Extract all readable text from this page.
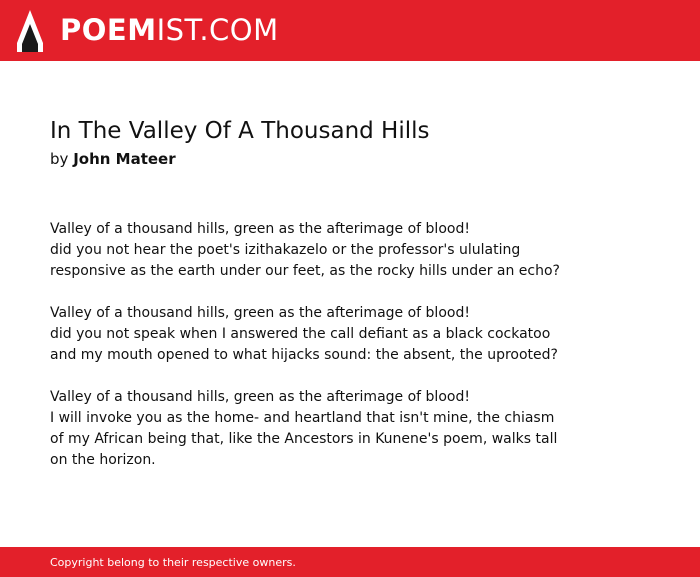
POEMIST.COM
In The Valley Of A Thousand Hills
by John Mateer
Valley of a thousand hills, green as the afterimage of blood!
did you not hear the poet's izithakazelo or the professor's ululating
responsive as the earth under our feet, as the rocky hills under an echo?
Valley of a thousand hills, green as the afterimage of blood!
did you not speak when I answered the call defiant as a black cockatoo
and my mouth opened to what hijacks sound: the absent, the uprooted?
Valley of a thousand hills, green as the afterimage of blood!
I will invoke you as the home- and heartland that isn't mine, the chiasm
of my African being that, like the Ancestors in Kunene's poem, walks tall
on the horizon.
Copyright belong to their respective owners.
